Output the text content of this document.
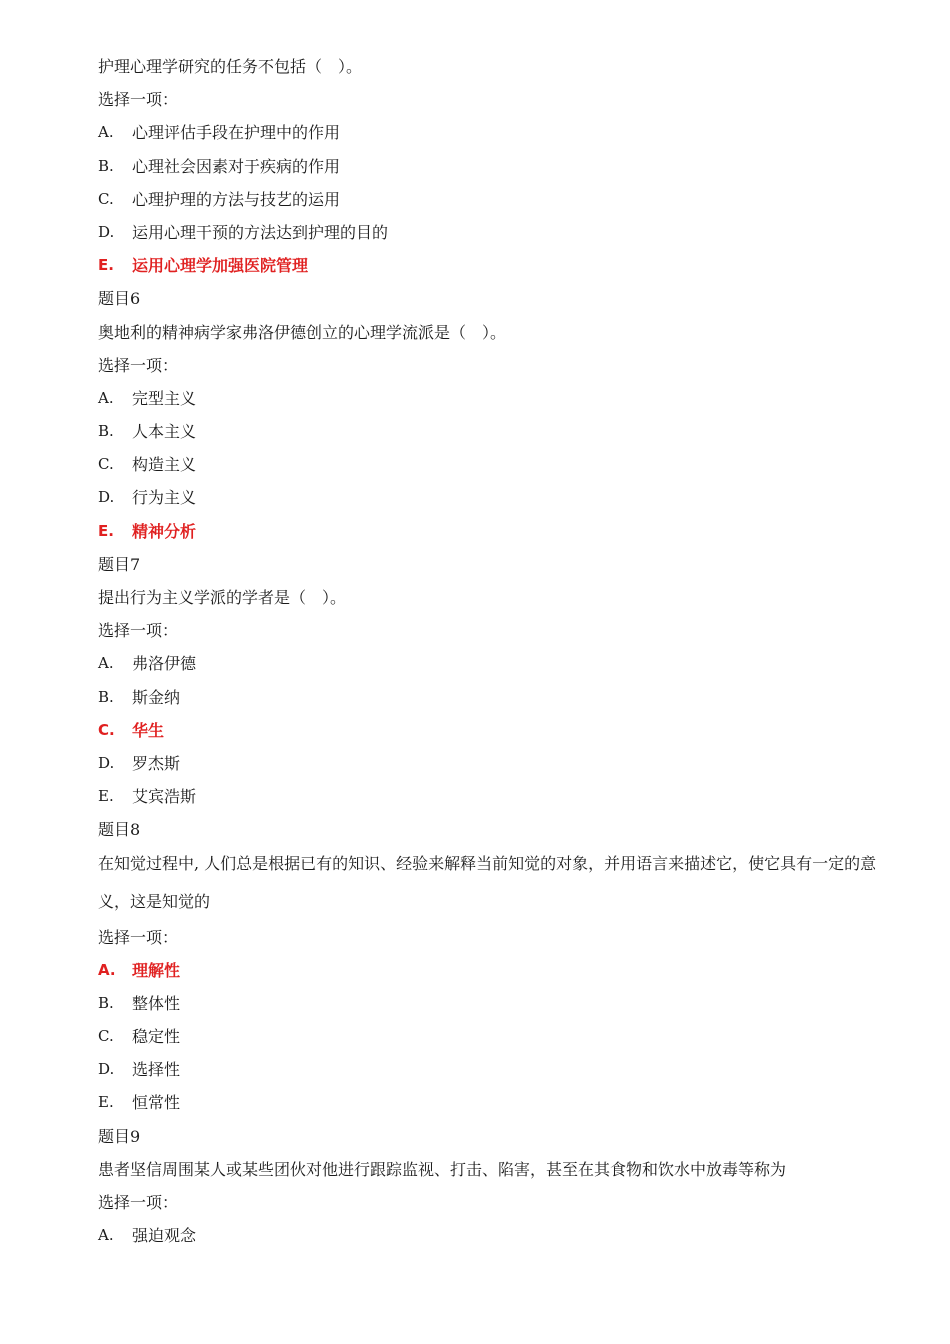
护理心理学研究的任务不包括（　）。
选择一项：
A.	心理评估手段在护理中的作用
B.	心理社会因素对于疾病的作用
C.	心理护理的方法与技艺的运用
D.	运用心理干预的方法达到护理的目的
E.	运用心理学加强医院管理
题目6
奥地利的精神病学家弗洛伊德创立的心理学流派是（　）。
选择一项：
A.	完型主义
B.	人本主义
C.	构造主义
D.	行为主义
E.	精神分析
题目7
提出行为主义学派的学者是（　）。
选择一项：
A.	弗洛伊德
B.	斯金纳
C.	华生
D.	罗杰斯
E.	艾宾浩斯
题目8
在知觉过程中, 人们总是根据已有的知识、经验来解释当前知觉的对象，并用语言来描述它，使它具有一定的意义，这是知觉的
选择一项：
A.	理解性
B.	整体性
C.	稳定性
D.	选择性
E.	恒常性
题目9
患者坚信周围某人或某些团伙对他进行跟踪监视、打击、陷害，甚至在其食物和饮水中放毒等称为
选择一项：
A.	强迫观念
